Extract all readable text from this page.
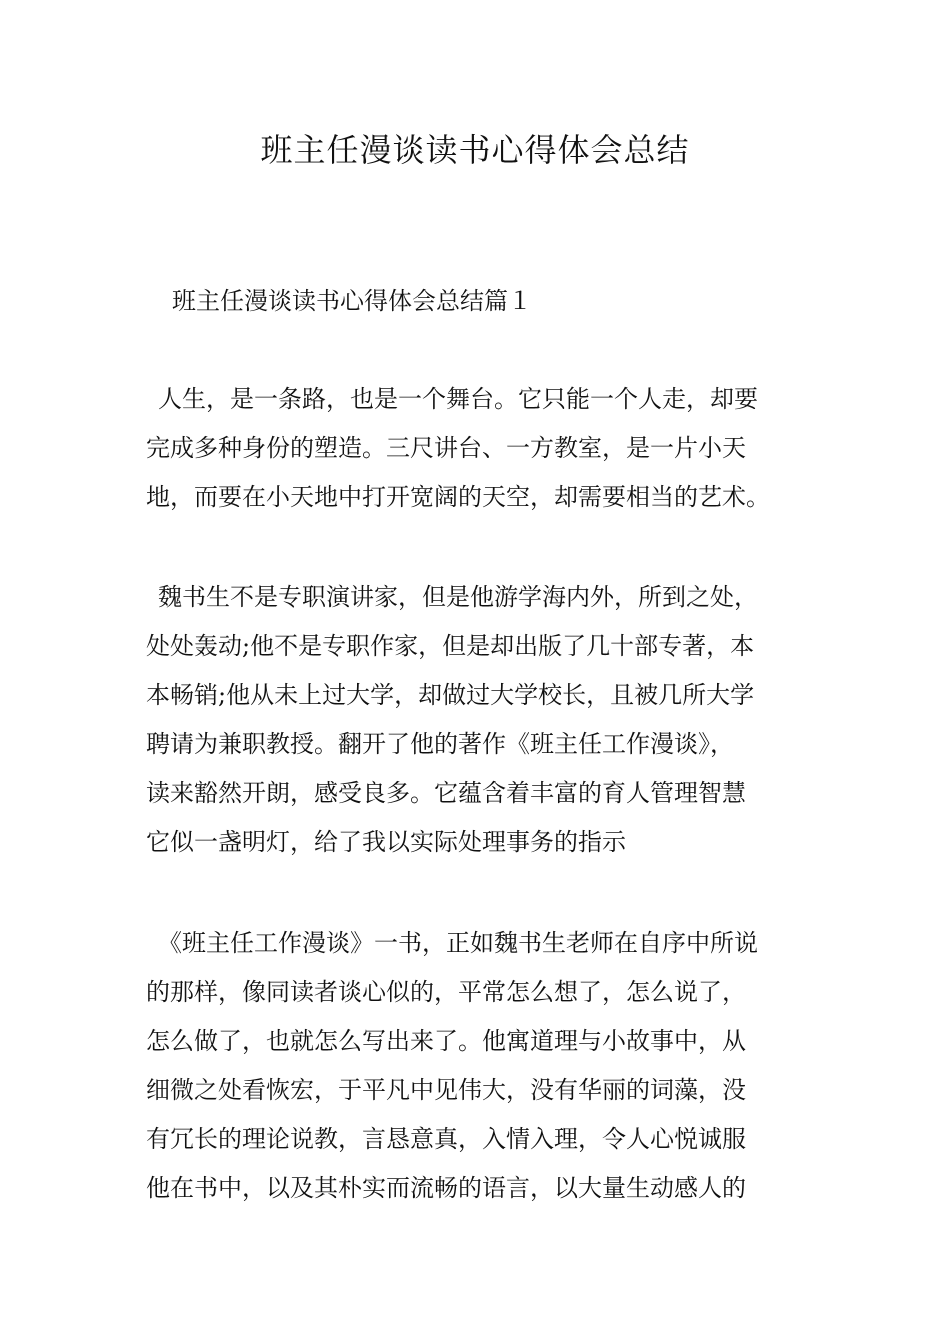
班主任漫谈读书心得体会总结

班主任漫谈读书心得体会总结篇１

人生，是一条路，也是一个舞台。它只能一个人走，却要
完成多种身份的塑造。三尺讲台、一方教室，是一片小天
地，而要在小天地中打开宽阔的天空，却需要相当的艺术。
魏书生不是专职演讲家，但是他游学海内外，所到之处，
处处轰动;他不是专职作家，但是却出版了几十部专著，本
本畅销;他从未上过大学，却做过大学校长，且被几所大学
聘请为兼职教授。翻开了他的著作《班主任工作漫谈》，
读来豁然开朗，感受良多。它蕴含着丰富的育人管理智慧
它似一盏明灯，给了我以实际处理事务的指示
《班主任工作漫谈》一书，正如魏书生老师在自序中所说
的那样，像同读者谈心似的，平常怎么想了，怎么说了，
怎么做了，也就怎么写出来了。他寓道理与小故事中，从
细微之处看恢宏，于平凡中见伟大，没有华丽的词藻，没
有冗长的理论说教，言恳意真，入情入理，令人心悦诚服
他在书中，以及其朴实而流畅的语言，以大量生动感人的
